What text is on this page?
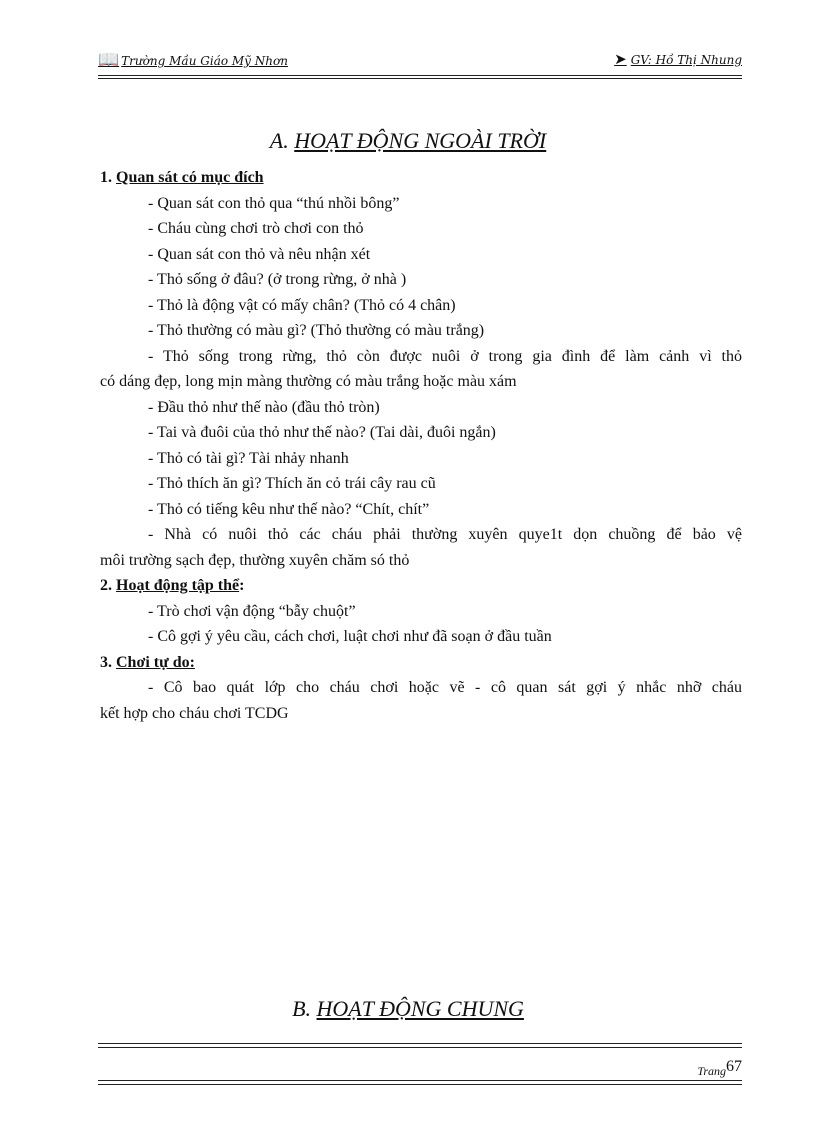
📖 Trường Mầu Giáo Mỹ Nhơn	➤ GV: Hồ Thị Nhung
A. HOẠT ĐỘNG NGOÀI TRỜI
1. Quan sát có mục đích
- Quan sát con thỏ qua “thú nhồi bông”
- Cháu cùng chơi trò chơi con thỏ
- Quan sát con thỏ và nêu nhận xét
- Thỏ sống ở đâu? (ở trong rừng, ở nhà )
- Thỏ là động vật có mấy chân? (Thỏ có 4 chân)
- Thỏ thường có màu gì? (Thỏ thường có màu trắng)
- Thỏ sống trong rừng, thỏ còn được nuôi ở trong gia đình để làm cảnh vì thỏ
có dáng đẹp, long mịn màng thường có màu trắng hoặc màu xám
- Đầu thỏ như thế nào (đầu thỏ tròn)
- Tai và đuôi của thỏ như thế nào? (Tai dài, đuôi ngắn)
- Thỏ có tài gì? Tài nhảy nhanh
- Thỏ thích ăn gì? Thích ăn cỏ trái cây rau cũ
- Thỏ có tiếng kêu như thế nào? “Chít, chít”
- Nhà có nuôi thỏ các cháu phải thường xuyên quye1t dọn chuồng để bảo vệ
môi trường sạch đẹp, thường xuyên chăm só thỏ
2. Hoạt động tập thể:
- Trò chơi vận động “bẫy chuột”
- Cô gợi ý yêu cầu, cách chơi, luật chơi như đã soạn ở đầu tuần
3. Chơi tự do:
- Cô bao quát lớp cho cháu chơi hoặc vẽ - cô quan sát gợi ý nhắc nhỡ cháu
kết hợp cho cháu chơi TCDG
B. HOẠT ĐỘNG CHUNG
Trang67
